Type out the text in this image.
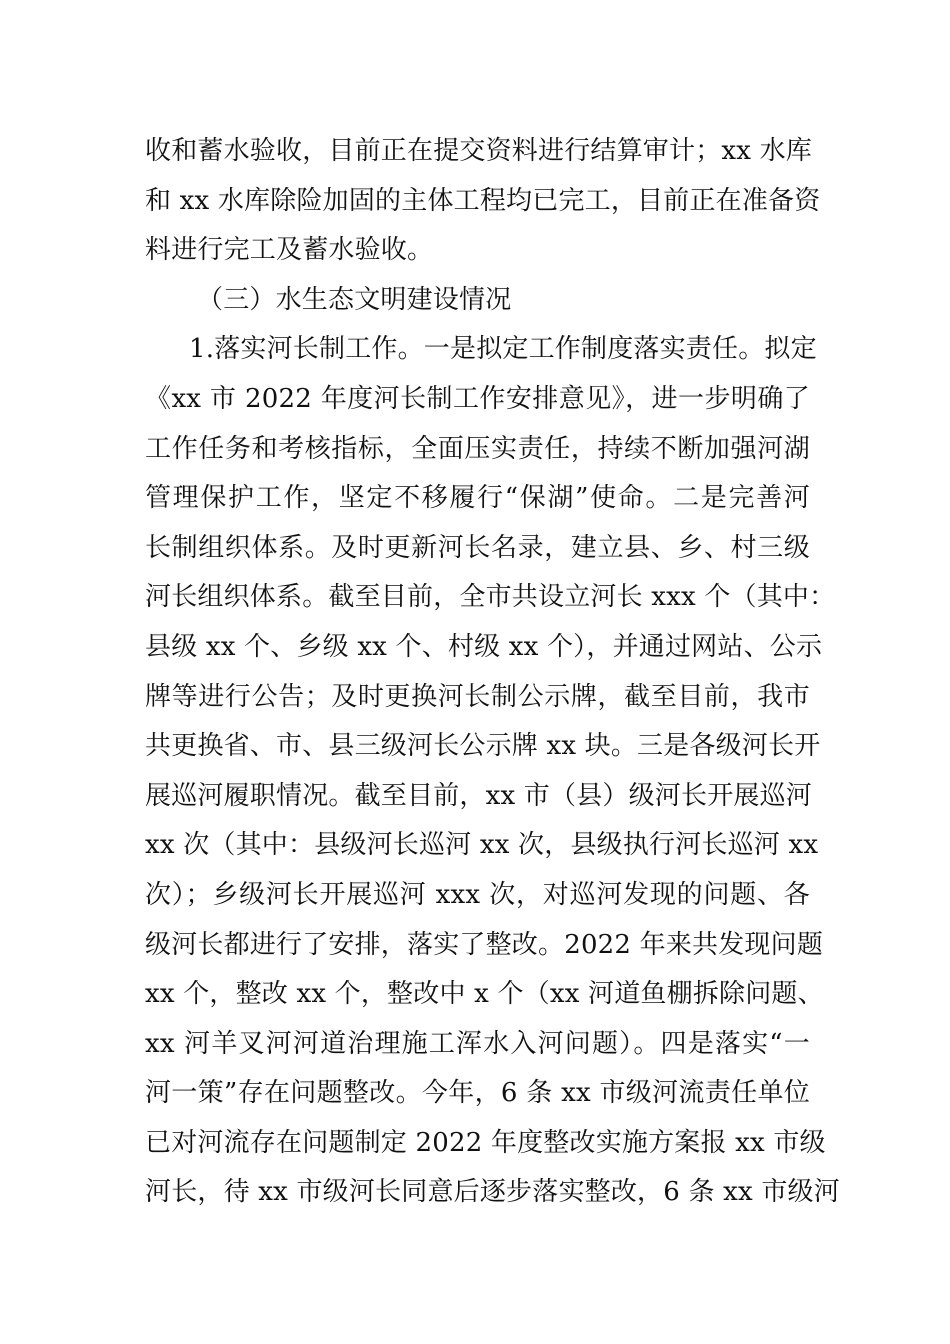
收和蓄水验收，目前正在提交资料进行结算审计；xx 水库
和 xx 水库除险加固的主体工程均已完工，目前正在准备资
料进行完工及蓄水验收。
（三）水生态文明建设情况
1.落实河长制工作。一是拟定工作制度落实责任。拟定
《xx 市 2022 年度河长制工作安排意见》，进一步明确了
工作任务和考核指标，全面压实责任，持续不断加强河湖
管理保护工作，坚定不移履行“保湖”使命。二是完善河
长制组织体系。及时更新河长名录，建立县、乡、村三级
河长组织体系。截至目前，全市共设立河长 xxx 个（其中：
县级 xx 个、乡级 xx 个、村级 xx 个），并通过网站、公示
牌等进行公告；及时更换河长制公示牌，截至目前，我市
共更换省、市、县三级河长公示牌 xx 块。三是各级河长开
展巡河履职情况。截至目前，xx 市（县）级河长开展巡河
xx 次（其中：县级河长巡河 xx 次，县级执行河长巡河 xx
次）；乡级河长开展巡河 xxx 次，对巡河发现的问题、各
级河长都进行了安排，落实了整改。2022 年来共发现问题
xx 个，整改 xx 个，整改中 x 个（xx 河道鱼棚拆除问题、
xx 河羊叉河河道治理施工浑水入河问题）。四是落实“一
河一策”存在问题整改。今年，6 条 xx 市级河流责任单位
已对河流存在问题制定 2022 年度整改实施方案报 xx 市级
河长，待 xx 市级河长同意后逐步落实整改，6 条 xx 市级河
